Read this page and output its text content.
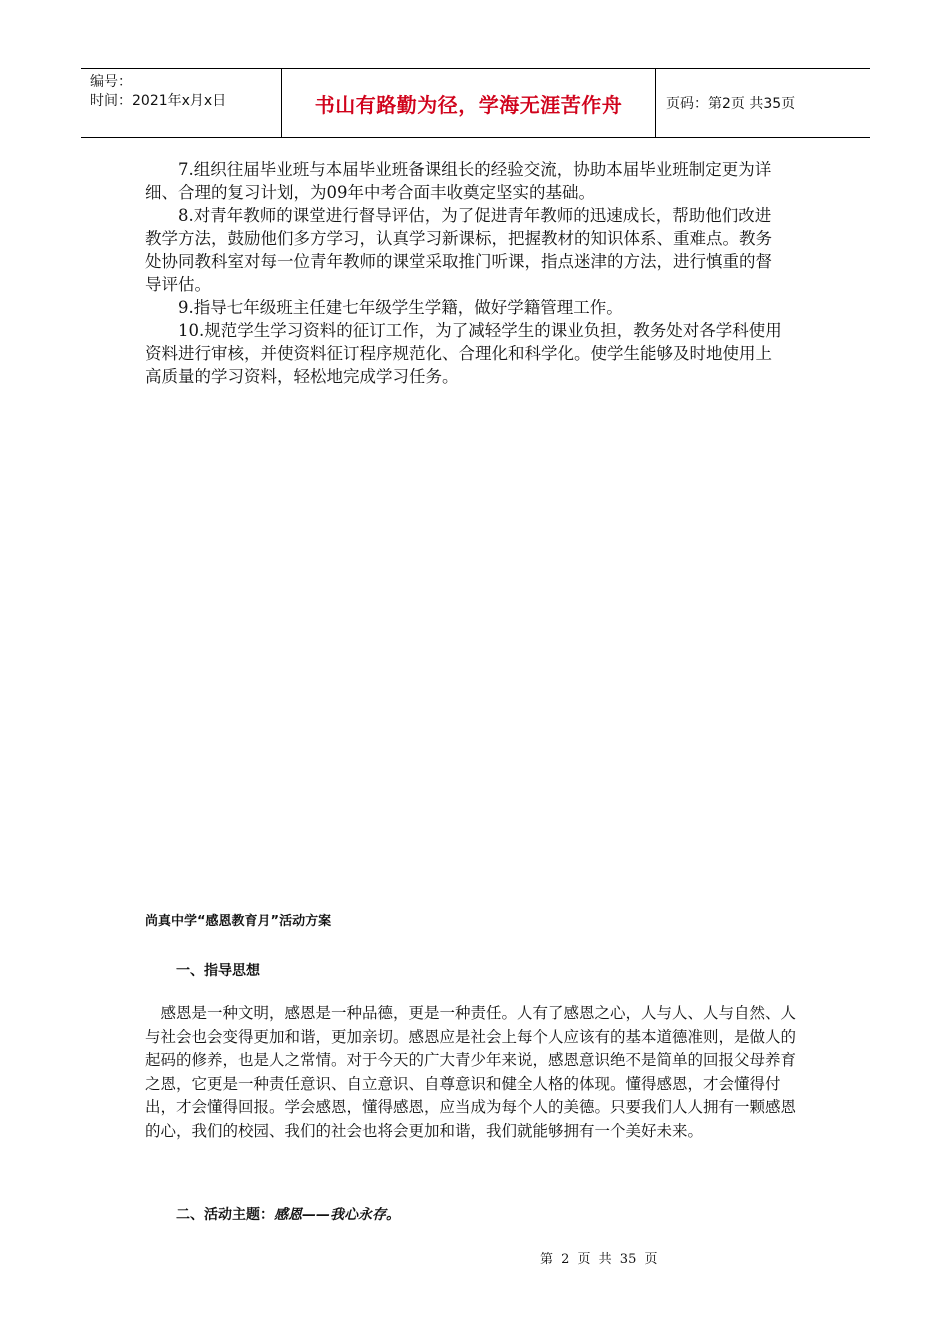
编号：
时间：2021年x月x日	书山有路勤为径，学海无涯苦作舟	页码：第2页 共35页

7.组织往届毕业班与本届毕业班备课组长的经验交流，协助本届毕业班制定更为详细、合理的复习计划，为09年中考合面丰收奠定坚实的基础。

8.对青年教师的课堂进行督导评估，为了促进青年教师的迅速成长，帮助他们改进教学方法，鼓励他们多方学习，认真学习新课标，把握教材的知识体系、重难点。教务处协同教科室对每一位青年教师的课堂采取推门听课，指点迷津的方法，进行慎重的督导评估。

9.指导七年级班主任建七年级学生学籍，做好学籍管理工作。

10.规范学生学习资料的征订工作，为了减轻学生的课业负担，教务处对各学科使用资料进行审核，并使资料征订程序规范化、合理化和科学化。使学生能够及时地使用上高质量的学习资料，轻松地完成学习任务。

尚真中学“感恩教育月”活动方案
一、指导思想
感恩是一种文明，感恩是一种品德，更是一种责任。人有了感恩之心，人与人、人与自然、人与社会也会变得更加和谐，更加亲切。感恩应是社会上每个人应该有的基本道德准则，是做人的起码的修养，也是人之常情。对于今天的广大青少年来说，感恩意识绝不是简单的回报父母养育之恩，它更是一种责任意识、自立意识、自尊意识和健全人格的体现。懂得感恩，才会懂得付出，才会懂得回报。学会感恩，懂得感恩，应当成为每个人的美德。只要我们人人拥有一颗感恩的心，我们的校园、我们的社会也将会更加和谐，我们就能够拥有一个美好未来。
二、活动主题：感恩——我心永存。
第 2 页 共 35 页
